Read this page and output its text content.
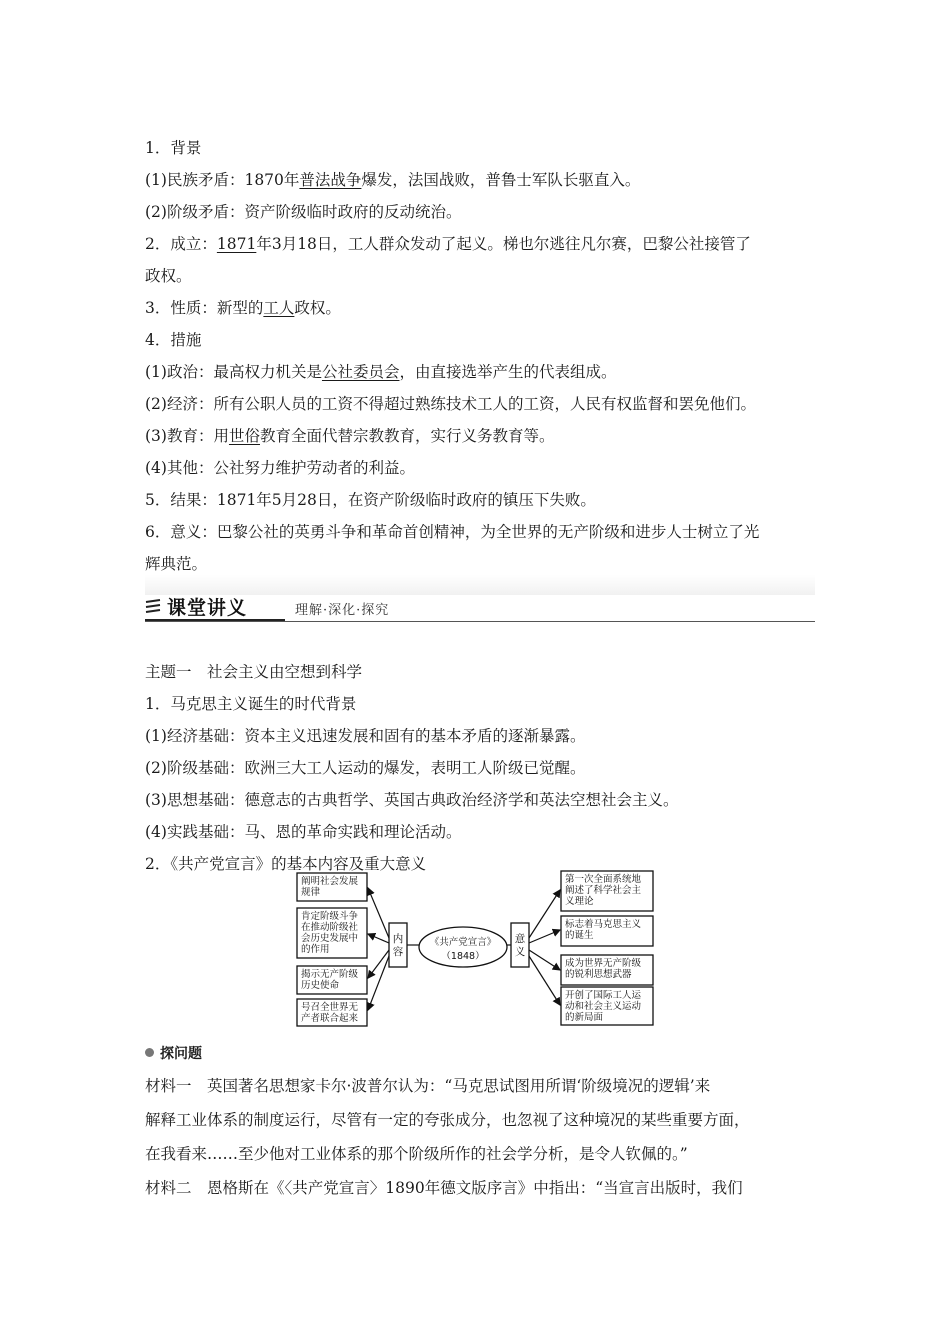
1．背景
(1)民族矛盾：1870年普法战争爆发，法国战败，普鲁士军队长驱直入。
(2)阶级矛盾：资产阶级临时政府的反动统治。
2．成立：1871年3月18日，工人群众发动了起义。梯也尔逃往凡尔赛，巴黎公社接管了
政权。
3．性质：新型的工人政权。
4．措施
(1)政治：最高权力机关是公社委员会，由直接选举产生的代表组成。
(2)经济：所有公职人员的工资不得超过熟练技术工人的工资，人民有权监督和罢免他们。
(3)教育：用世俗教育全面代替宗教教育，实行义务教育等。
(4)其他：公社努力维护劳动者的利益。
5．结果：1871年5月28日，在资产阶级临时政府的镇压下失败。
6．意义：巴黎公社的英勇斗争和革命首创精神，为全世界的无产阶级和进步人士树立了光
辉典范。
课堂讲义	理解·深化·探究
主题一　社会主义由空想到科学
1．马克思主义诞生的时代背景
(1)经济基础：资本主义迅速发展和固有的基本矛盾的逐渐暴露。
(2)阶级基础：欧洲三大工人运动的爆发，表明工人阶级已觉醒。
(3)思想基础：德意志的古典哲学、英国古典政治经济学和英法空想社会主义。
(4)实践基础：马、恩的革命实践和理论活动。
2．《共产党宣言》的基本内容及重大意义
阐明社会发展
规律
肯定阶级斗争
在推动阶级社
会历史发展中
的作用
揭示无产阶级
历史使命
号召全世界无
产者联合起来
第一次全面系统地
阐述了科学社会主
义理论
标志着马克思主义
的诞生
成为世界无产阶级
的锐利思想武器
开创了国际工人运
动和社会主义运动
的新局面
内
容
意
义
《共产党宣言》
（1848）
探问题
材料一　英国著名思想家卡尔·波普尔认为：“马克思试图用所谓‘阶级境况的逻辑’来
解释工业体系的制度运行，尽管有一定的夸张成分，也忽视了这种境况的某些重要方面，
在我看来……至少他对工业体系的那个阶级所作的社会学分析，是令人钦佩的。”
材料二　恩格斯在《〈共产党宣言〉1890年德文版序言》中指出：“当宣言出版时，我们
